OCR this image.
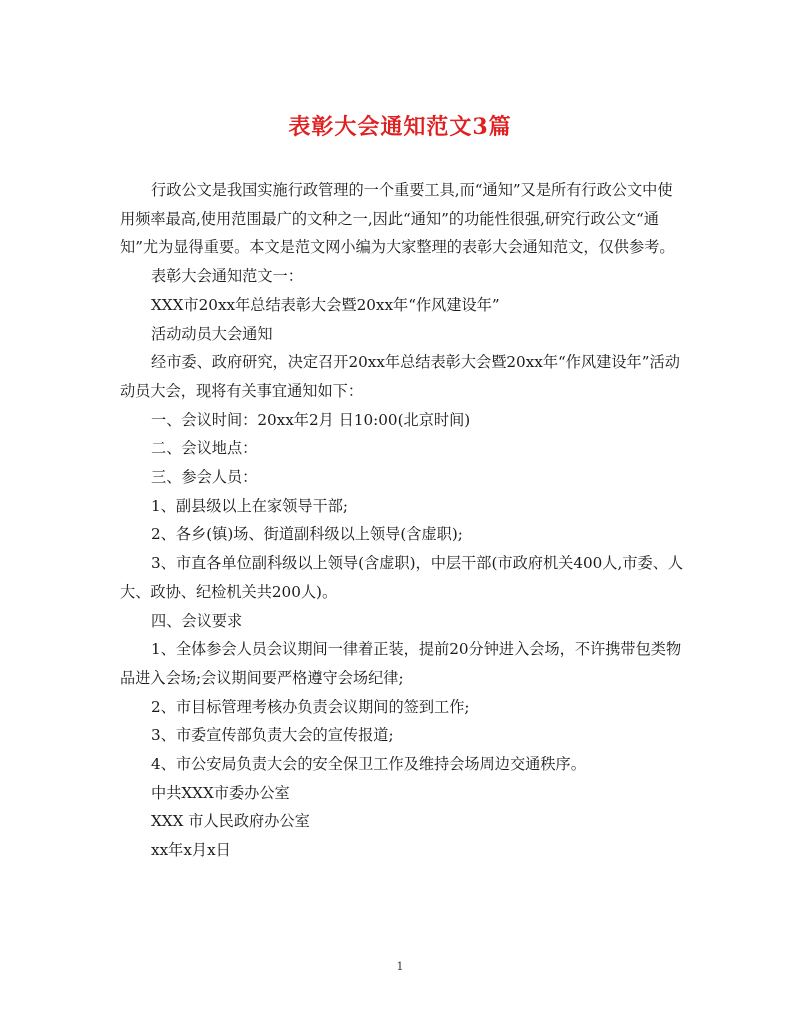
表彰大会通知范文3篇

行政公文是我国实施行政管理的一个重要工具,而“通知”又是所有行政公文中使用频率最高,使用范围最广的文种之一,因此“通知”的功能性很强,研究行政公文“通知”尤为显得重要。本文是范文网小编为大家整理的表彰大会通知范文，仅供参考。

表彰大会通知范文一：

XXX市20xx年总结表彰大会暨20xx年“作风建设年”

活动动员大会通知

经市委、政府研究，决定召开20xx年总结表彰大会暨20xx年“作风建设年”活动动员大会，现将有关事宜通知如下：

一、会议时间：20xx年2月 日10:00(北京时间)

二、会议地点：

三、参会人员：

1、副县级以上在家领导干部;

2、各乡(镇)场、街道副科级以上领导(含虚职);

3、市直各单位副科级以上领导(含虚职)，中层干部(市政府机关400人,市委、人大、政协、纪检机关共200人)。

四、会议要求

1、全体参会人员会议期间一律着正装，提前20分钟进入会场，不许携带包类物品进入会场;会议期间要严格遵守会场纪律;

2、市目标管理考核办负责会议期间的签到工作;

3、市委宣传部负责大会的宣传报道;

4、市公安局负责大会的安全保卫工作及维持会场周边交通秩序。

中共XXX市委办公室

XXX 市人民政府办公室

xx年x月x日

1
